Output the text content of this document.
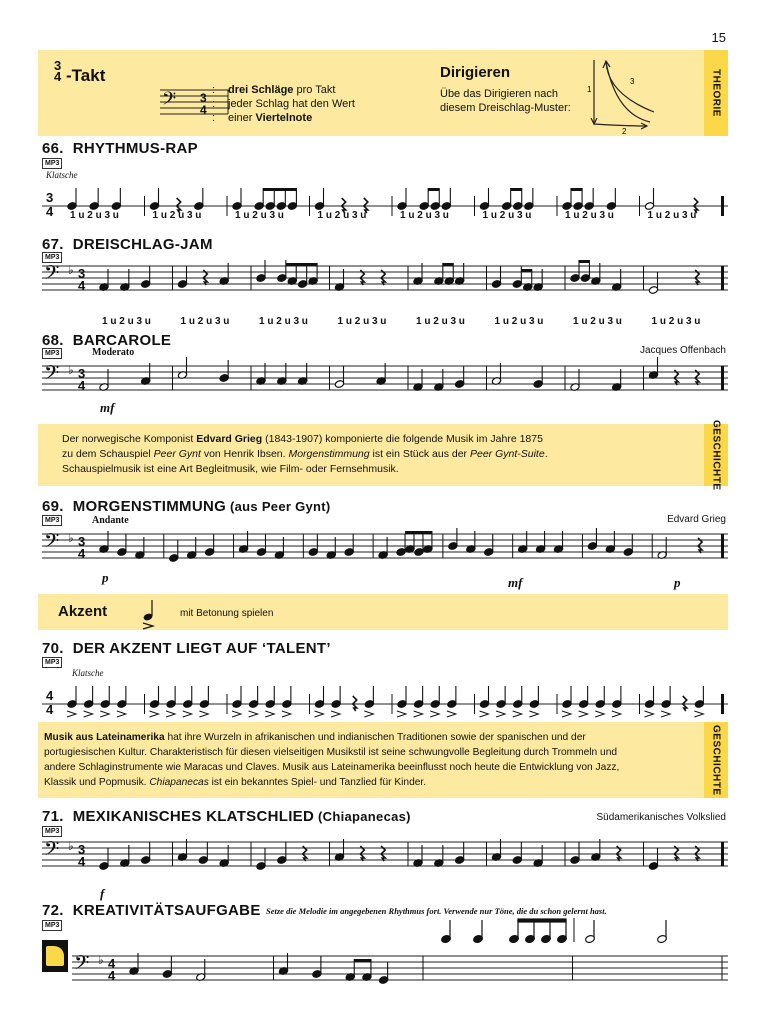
15
3
4 -Takt
𝄢 3
4
:
:
:
drei Schläge pro Takt
jeder Schlag hat den Wert
einer Viertelnote
Dirigieren
Übe das Dirigieren nach
diesem Dreischlag-Muster:
1
2
3	THEORIE
66. RHYTHMUS-RAP
MP3
Klatsche
3
4
67. DREISCHLAG-JAM
MP3
𝄢 ♭ 3
4
68. BARCAROLE
MP3	Moderato	Jacques Offenbach
𝄢 ♭ 3
4
mf
GESCHICHTE
Der norwegische Komponist Edvard Grieg (1843-1907) komponierte die folgende Musik im Jahre 1875
zu dem Schauspiel Peer Gynt von Henrik Ibsen. Morgenstimmung ist ein Stück aus der Peer Gynt-Suite.
Schauspielmusik ist eine Art Begleitmusik, wie Film- oder Fernsehmusik.
69. MORGENSTIMMUNG (aus Peer Gynt)
MP3	Andante	Edvard Grieg
𝄢 ♭ 3
4
p	mf	p
Akzent	mit Betonung spielen
70. DER AKZENT LIEGT AUF ‘TALENT’
MP3
Klatsche
4
4
GESCHICHTE
Musik aus Lateinamerika hat ihre Wurzeln in afrikanischen und indianischen Traditionen sowie der spanischen und der
portugiesischen Kultur. Charakteristisch für diesen vielseitigen Musikstil ist seine schwungvolle Begleitung durch Trommeln und
andere Schlaginstrumente wie Maracas und Claves. Musik aus Lateinamerika beeinflusst noch heute die Entwicklung von Jazz,
Klassik und Popmusik. Chiapanecas ist ein bekanntes Spiel- und Tanzlied für Kinder.
71. MEXIKANISCHES KLATSCHLIED (Chiapanecas)
MP3
Südamerikanisches Volkslied
𝄢 ♭ 3
4
f
72. KREATIVITÄTSAUFGABE Setze die Melodie im angegebenen Rhythmus fort. Verwende nur Töne, die du schon gelernt hast.
MP3
𝄢 ♭ 4
4
1 u 2 u 3 u	1 u 2 u 3 u	1 u 2 u 3 u	1 u 2 u 3 u	1 u 2 u 3 u	1 u 2 u 3 u	1 u 2 u 3 u	1 u 2 u 3 u
1 u 2 u 3 u	1 u 2 u 3 u	1 u 2 u 3 u	1 u 2 u 3 u	1 u 2 u 3 u	1 u 2 u 3 u	1 u 2 u 3 u	1 u 2 u 3 u
